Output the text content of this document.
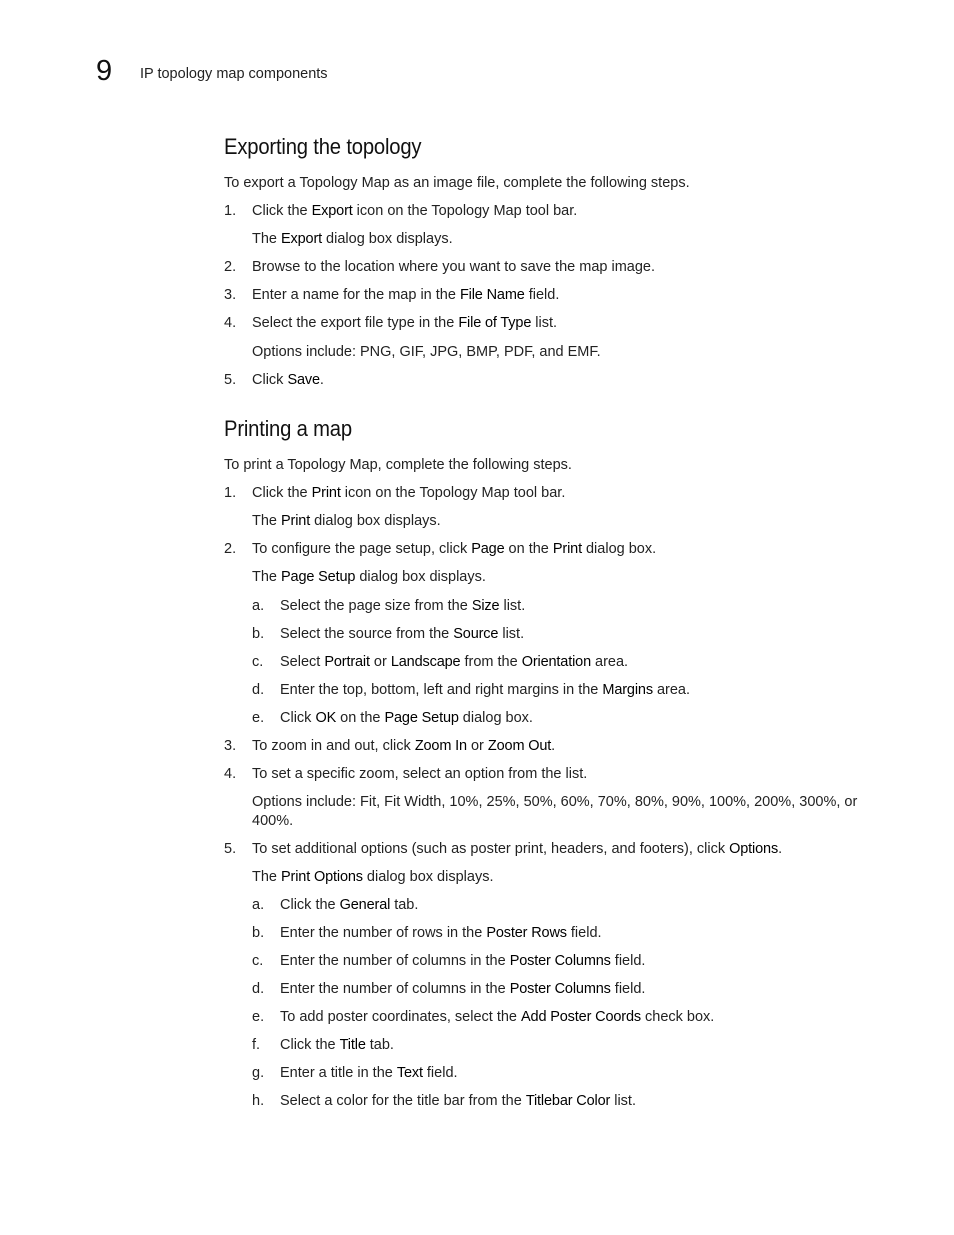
9 IP topology map components
Exporting the topology
To export a Topology Map as an image file, complete the following steps.
1. Click the Export icon on the Topology Map tool bar.
The Export dialog box displays.
2. Browse to the location where you want to save the map image.
3. Enter a name for the map in the File Name field.
4. Select the export file type in the File of Type list.
Options include: PNG, GIF, JPG, BMP, PDF, and EMF.
5. Click Save.
Printing a map
To print a Topology Map, complete the following steps.
1. Click the Print icon on the Topology Map tool bar.
The Print dialog box displays.
2. To configure the page setup, click Page on the Print dialog box.
The Page Setup dialog box displays.
a. Select the page size from the Size list.
b. Select the source from the Source list.
c. Select Portrait or Landscape from the Orientation area.
d. Enter the top, bottom, left and right margins in the Margins area.
e. Click OK on the Page Setup dialog box.
3. To zoom in and out, click Zoom In or Zoom Out.
4. To set a specific zoom, select an option from the list.
Options include: Fit, Fit Width, 10%, 25%, 50%, 60%, 70%, 80%, 90%, 100%, 200%, 300%, or 400%.
5. To set additional options (such as poster print, headers, and footers), click Options.
The Print Options dialog box displays.
a. Click the General tab.
b. Enter the number of rows in the Poster Rows field.
c. Enter the number of columns in the Poster Columns field.
d. Enter the number of columns in the Poster Columns field.
e. To add poster coordinates, select the Add Poster Coords check box.
f. Click the Title tab.
g. Enter a title in the Text field.
h. Select a color for the title bar from the Titlebar Color list.
